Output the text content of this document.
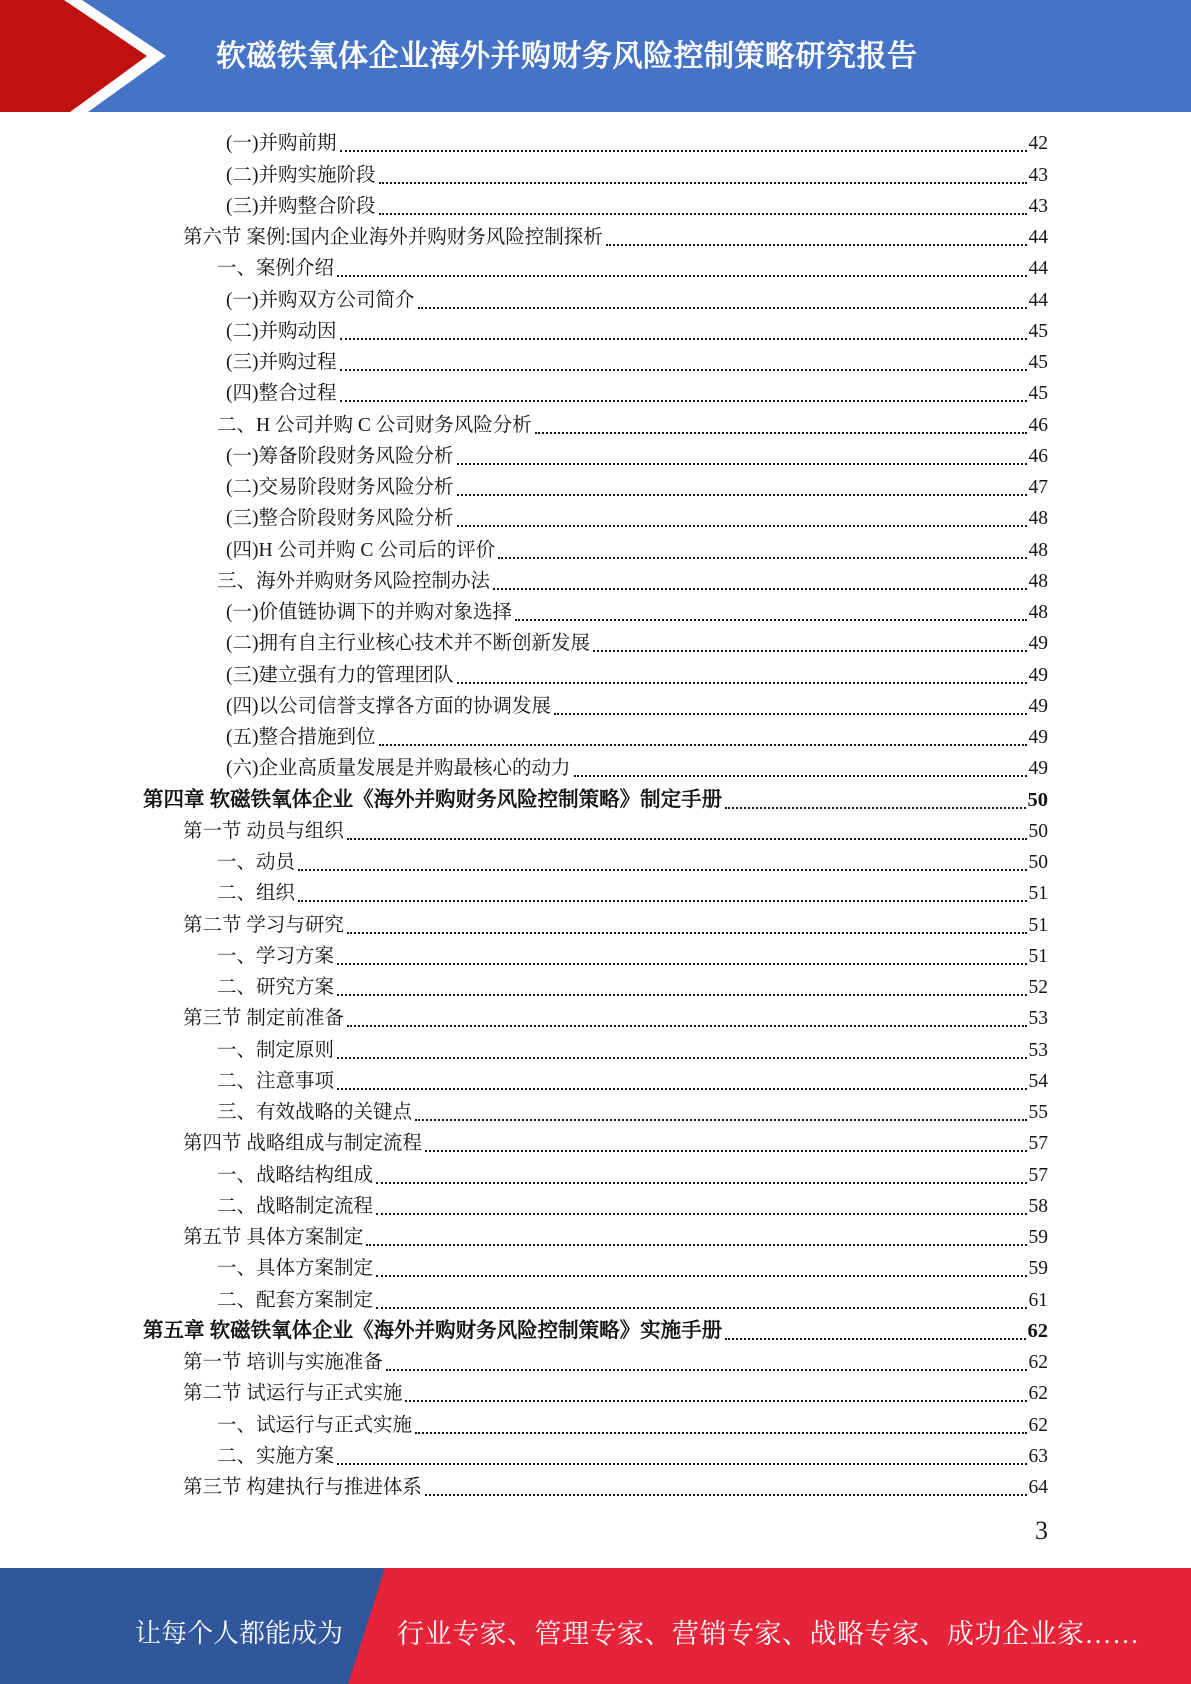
软磁铁氧体企业海外并购财务风险控制策略研究报告
(一)并购前期	42
(二)并购实施阶段	43
(三)并购整合阶段	43
第六节 案例:国内企业海外并购财务风险控制探析	44
一、案例介绍	44
(一)并购双方公司简介	44
(二)并购动因	45
(三)并购过程	45
(四)整合过程	45
二、H 公司并购 C 公司财务风险分析	46
(一)筹备阶段财务风险分析	46
(二)交易阶段财务风险分析	47
(三)整合阶段财务风险分析	48
(四)H 公司并购 C 公司后的评价	48
三、海外并购财务风险控制办法	48
(一)价值链协调下的并购对象选择	48
(二)拥有自主行业核心技术并不断创新发展	49
(三)建立强有力的管理团队	49
(四)以公司信誉支撑各方面的协调发展	49
(五)整合措施到位	49
(六)企业高质量发展是并购最核心的动力	49
第四章 软磁铁氧体企业《海外并购财务风险控制策略》制定手册	50
第一节 动员与组织	50
一、动员	50
二、组织	51
第二节 学习与研究	51
一、学习方案	51
二、研究方案	52
第三节 制定前准备	53
一、制定原则	53
二、注意事项	54
三、有效战略的关键点	55
第四节 战略组成与制定流程	57
一、战略结构组成	57
二、战略制定流程	58
第五节 具体方案制定	59
一、具体方案制定	59
二、配套方案制定	61
第五章 软磁铁氧体企业《海外并购财务风险控制策略》实施手册	62
第一节 培训与实施准备	62
第二节 试运行与正式实施	62
一、试运行与正式实施	62
二、实施方案	63
第三节 构建执行与推进体系	64
3
让每个人都能成为 行业专家、管理专家、营销专家、战略专家、成功企业家……
